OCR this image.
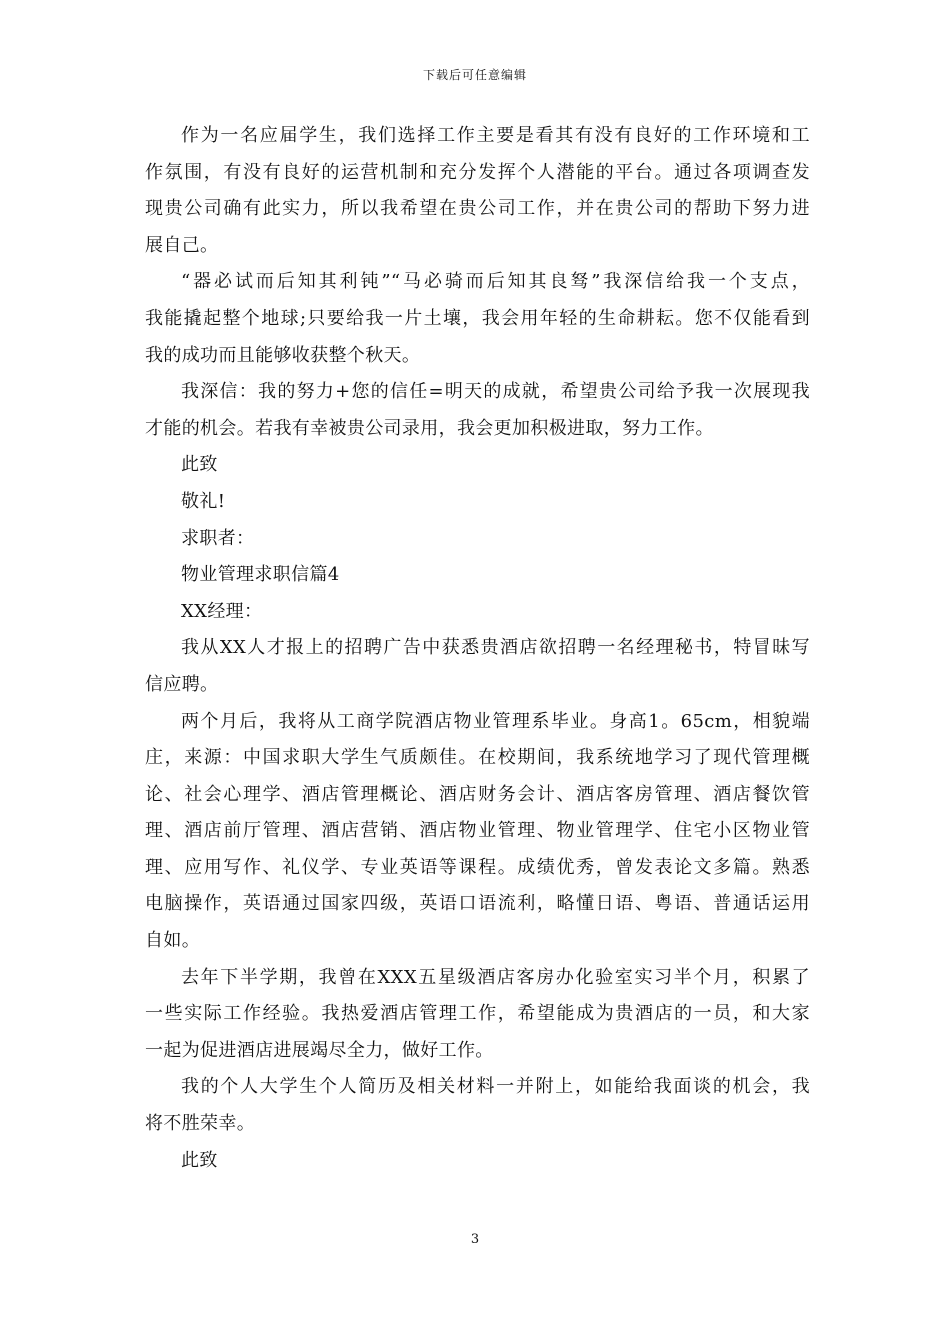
下载后可任意编辑
作为一名应届学生，我们选择工作主要是看其有没有良好的工作环境和工
作氛围，有没有良好的运营机制和充分发挥个人潜能的平台。通过各项调查发
现贵公司确有此实力，所以我希望在贵公司工作，并在贵公司的帮助下努力进
展自己。
“器必试而后知其利钝”“马必骑而后知其良驽”我深信给我一个支点，
我能撬起整个地球;只要给我一片土壤，我会用年轻的生命耕耘。您不仅能看到
我的成功而且能够收获整个秋天。
我深信：我的努力+您的信任=明天的成就，希望贵公司给予我一次展现我
才能的机会。若我有幸被贵公司录用，我会更加积极进取，努力工作。
此致
敬礼!
求职者：
物业管理求职信篇4
XX经理：
我从XX人才报上的招聘广告中获悉贵酒店欲招聘一名经理秘书，特冒昧写
信应聘。
两个月后，我将从工商学院酒店物业管理系毕业。身高1。65cm，相貌端
庄，来源：中国求职大学生气质颇佳。在校期间，我系统地学习了现代管理概
论、社会心理学、酒店管理概论、酒店财务会计、酒店客房管理、酒店餐饮管
理、酒店前厅管理、酒店营销、酒店物业管理、物业管理学、住宅小区物业管
理、应用写作、礼仪学、专业英语等课程。成绩优秀，曾发表论文多篇。熟悉
电脑操作，英语通过国家四级，英语口语流利，略懂日语、粤语、普通话运用
自如。
去年下半学期，我曾在XXX五星级酒店客房办化验室实习半个月，积累了
一些实际工作经验。我热爱酒店管理工作，希望能成为贵酒店的一员，和大家
一起为促进酒店进展竭尽全力，做好工作。
我的个人大学生个人简历及相关材料一并附上，如能给我面谈的机会，我
将不胜荣幸。
此致
3
